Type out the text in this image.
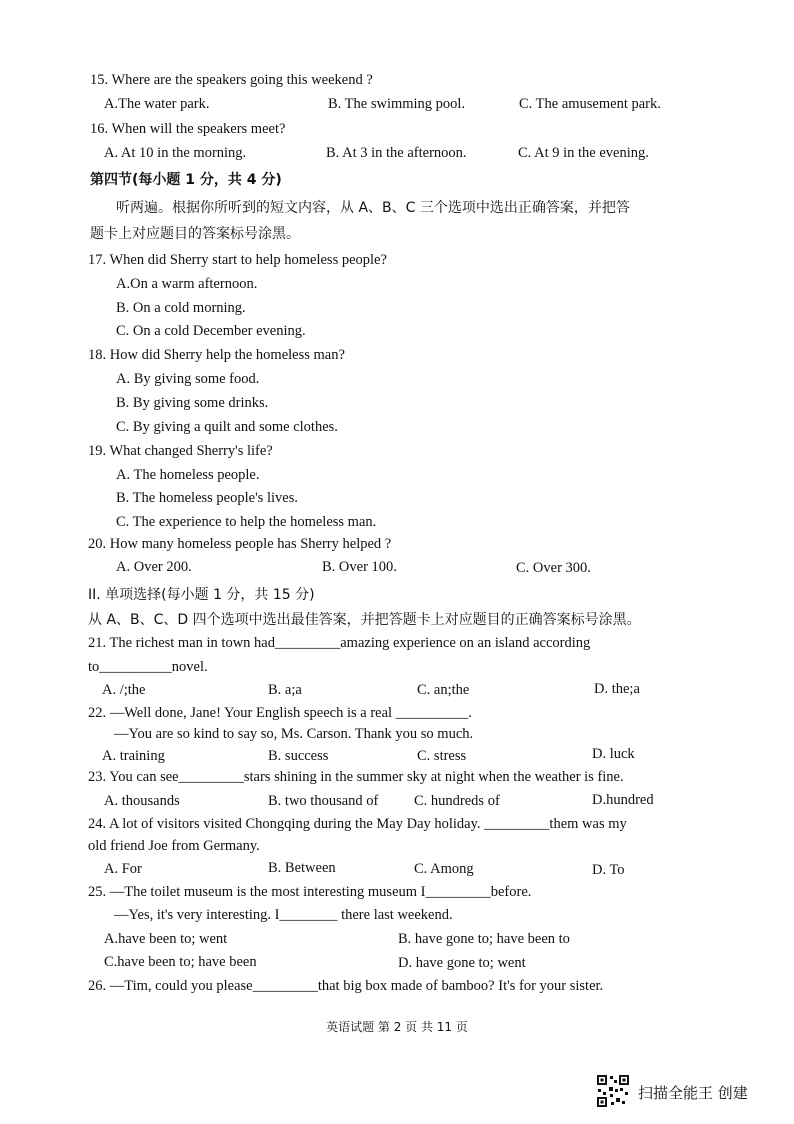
15. Where are the speakers going this weekend ?
A.The water park.	B. The swimming pool.	C. The amusement park.
16. When will the speakers meet?
A. At 10 in the morning.	B. At 3 in the afternoon.	C. At 9 in the evening.
第四节(每小题 1 分，共 4 分)
听两遍。根据你所听到的短文内容，从 A、B、C 三个选项中选出正确答案，并把答
题卡上对应题目的答案标号涂黑。
17. When did Sherry start to help homeless people?
A.On a warm afternoon.
B. On a cold morning.
C. On a cold December evening.
18. How did Sherry help the homeless man?
A. By giving some food.
B. By giving some drinks.
C. By giving a quilt and some clothes.
19. What changed Sherry's life?
A. The homeless people.
B. The homeless people's lives.
C. The experience to help the homeless man.
20. How many homeless people has Sherry helped ?
A. Over 200.	B. Over 100.	C. Over 300.
II. 单项选择(每小题 1 分，共 15 分)
从 A、B、C、D 四个选项中选出最佳答案，并把答题卡上对应题目的正确答案标号涂黑。
21. The richest man in town had_________amazing experience on an island according
to__________novel.
A. /;the	B. a;a	C. an;the	D. the;a
22. —Well done, Jane! Your English speech is a real __________.
—You are so kind to say so, Ms. Carson. Thank you so much.
A. training	B. success	C. stress	D. luck
23. You can see_________stars shining in the summer sky at night when the weather is fine.
A. thousands	B. two thousand of C. hundreds of	D.hundred
24. A lot of visitors visited Chongqing during the May Day holiday. _________them was my
old friend Joe from Germany.
A. For	B. Between	C. Among	D. To
25. —The toilet museum is the most interesting museum I_________before.
—Yes, it's very interesting. I________ there last weekend.
A.have been to; went	B. have gone to; have been to
C.have been to; have been	D. have gone to; went
26. —Tim, could you please_________that big box made of bamboo? It's for your sister.
英语试题 第 2 页 共 11 页
扫描全能王 创建
